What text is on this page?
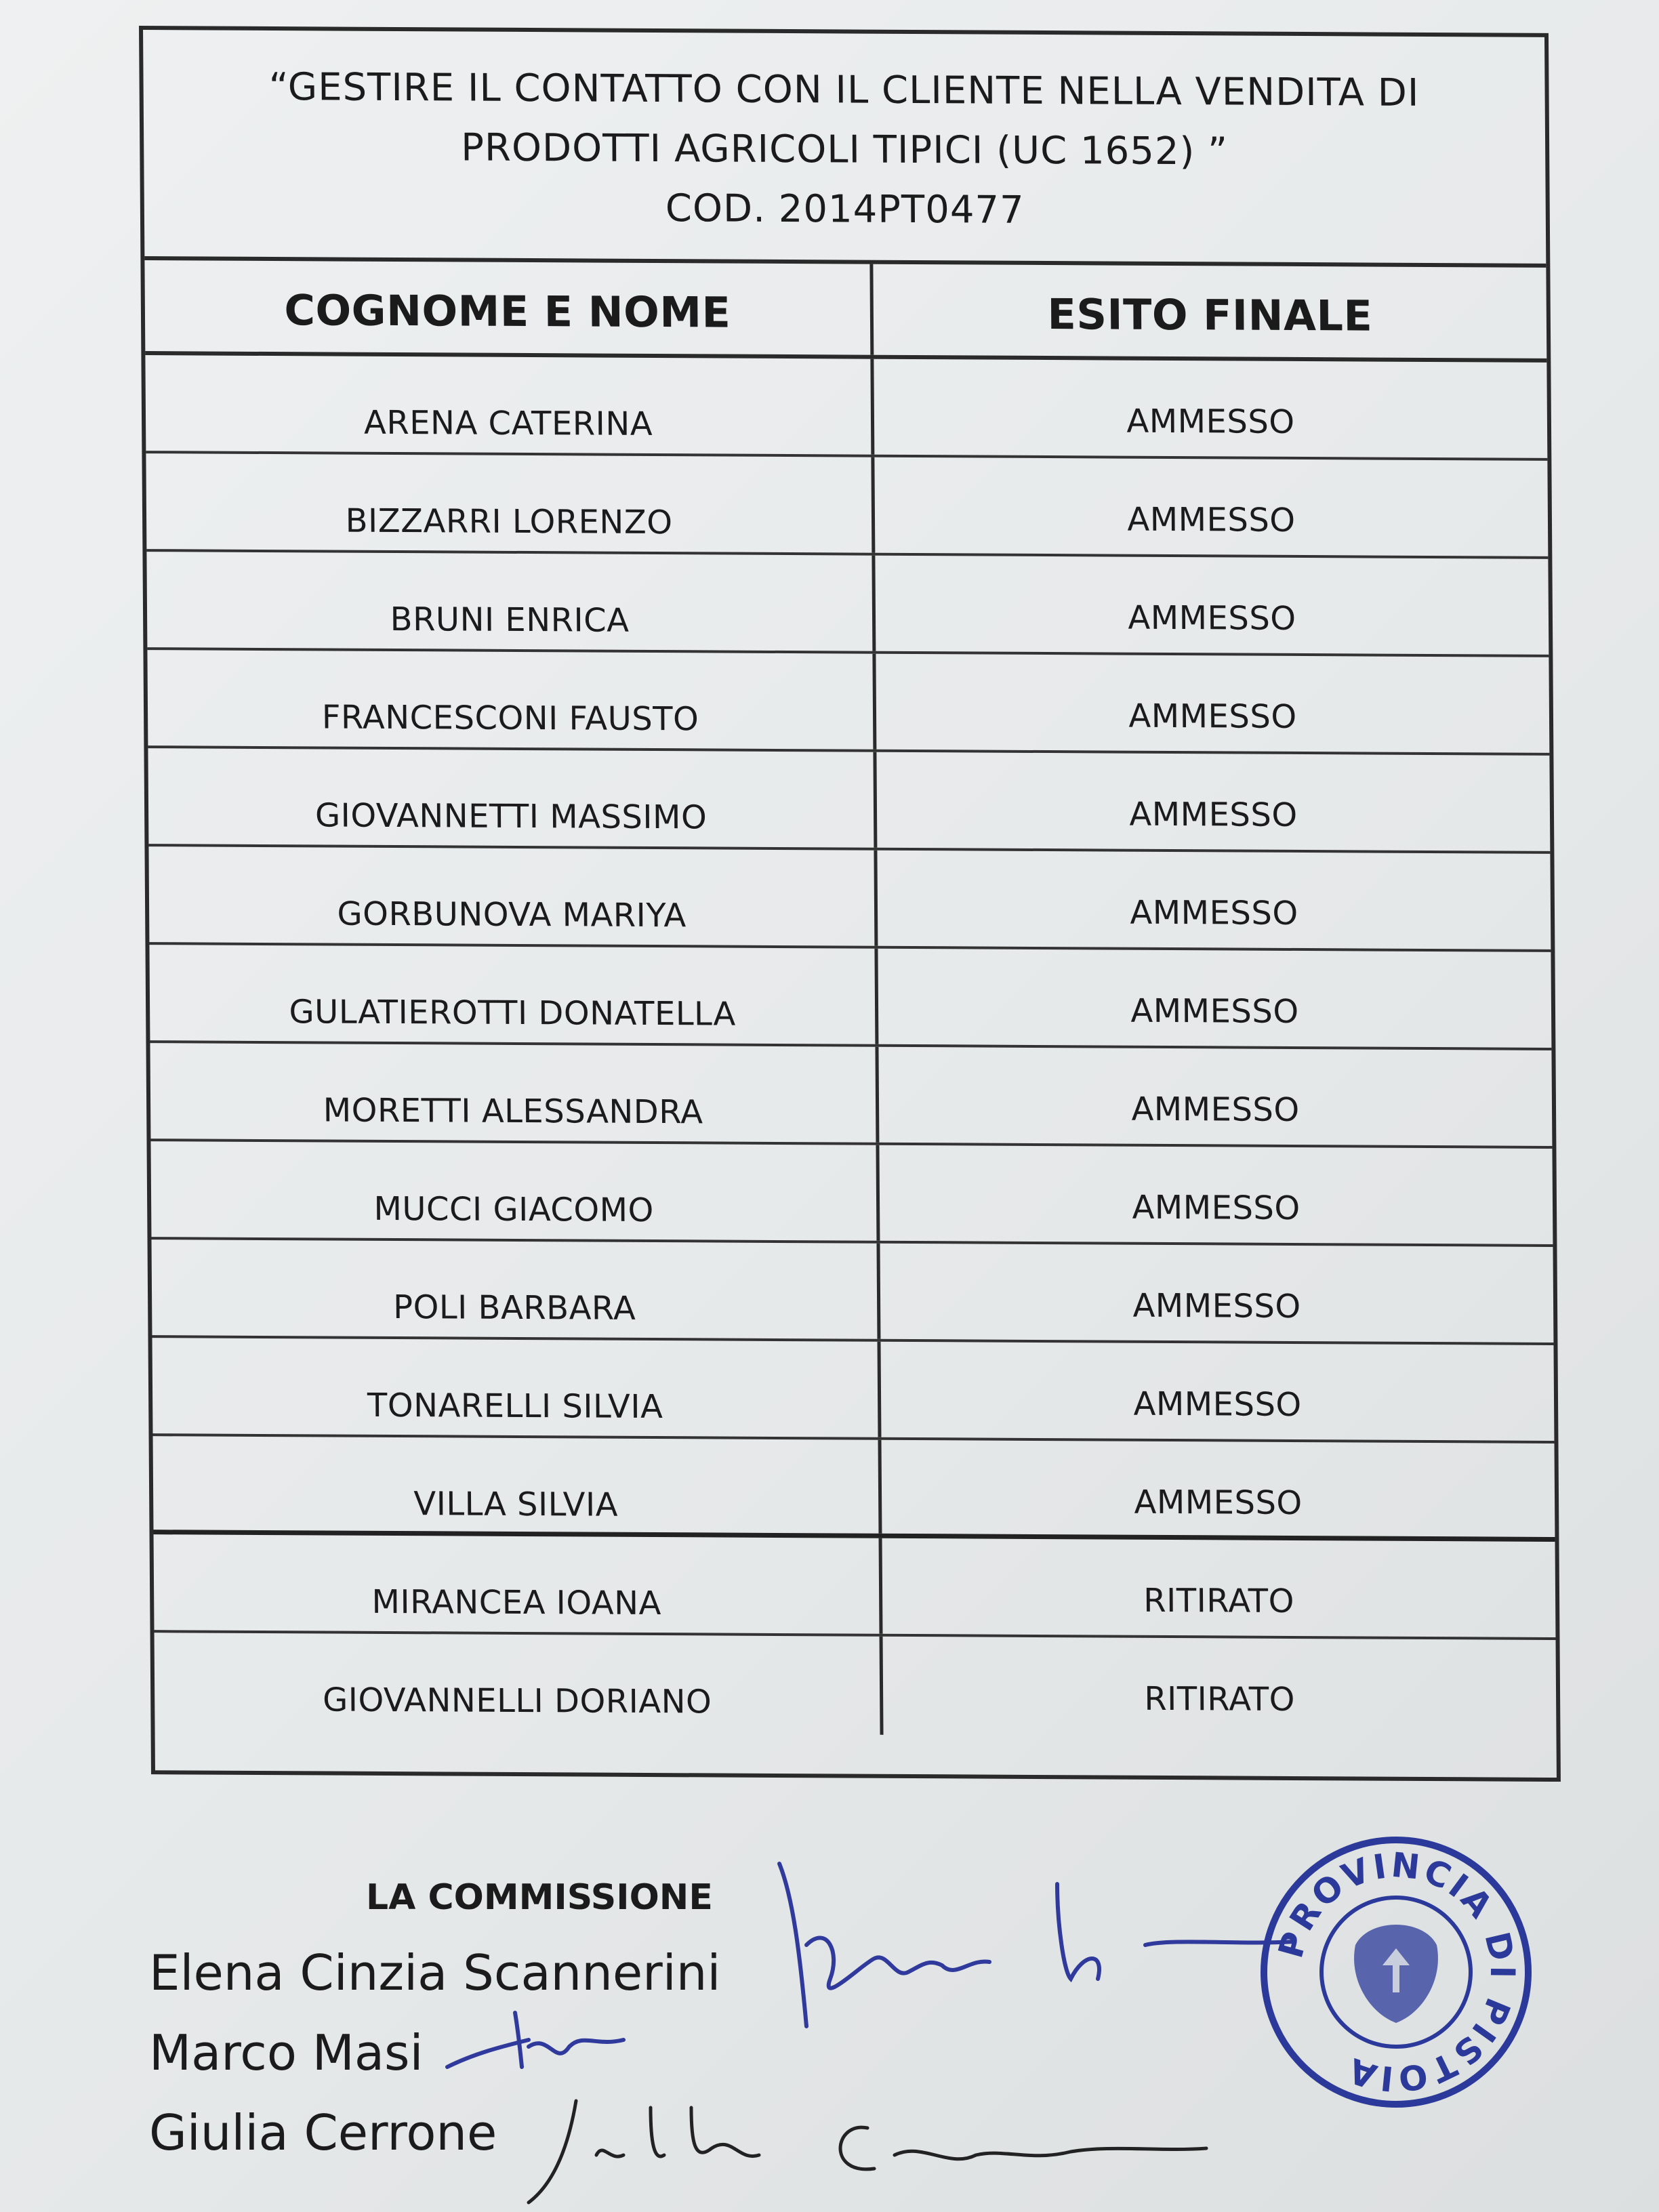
“GESTIRE IL CONTATTO CON IL CLIENTE NELLA VENDITA DI
PRODOTTI AGRICOLI TIPICI (UC 1652) ”
COD. 2014PT0477
COGNOME E NOME	ESITO FINALE
ARENA CATERINA	AMMESSO
BIZZARRI LORENZO	AMMESSO
BRUNI ENRICA	AMMESSO
FRANCESCONI FAUSTO	AMMESSO
GIOVANNETTI MASSIMO	AMMESSO
GORBUNOVA MARIYA	AMMESSO
GULATIEROTTI DONATELLA	AMMESSO
MORETTI ALESSANDRA	AMMESSO
MUCCI GIACOMO	AMMESSO
POLI BARBARA	AMMESSO
TONARELLI SILVIA	AMMESSO
VILLA SILVIA	AMMESSO
MIRANCEA IOANA	RITIRATO
GIOVANNELLI DORIANO	RITIRATO
LA COMMISSIONE
Elena Cinzia Scannerini
Marco Masi
Giulia Cerrone
PROVINCIA DI PISTOIA
